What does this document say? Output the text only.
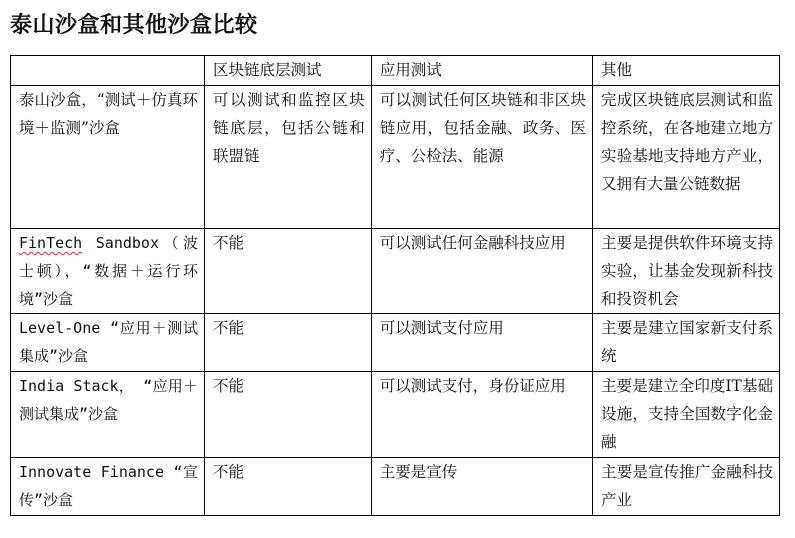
泰山沙盒和其他沙盒比较
	区块链底层测试	应用测试	其他
泰山沙盒，“测试＋仿真环境＋监测”沙盒	可以测试和监控区块链底层，包括公链和联盟链	可以测试任何区块链和非区块链应用，包括金融、政务、医疗、公检法、能源	完成区块链底层测试和监控系统，在各地建立地方实验基地支持地方产业，又拥有大量公链数据
FinTech Sandbox（波士顿），“数据＋运行环境”沙盒	不能	可以测试任何金融科技应用	主要是提供软件环境支持实验，让基金发现新科技和投资机会
Level-One “应用＋测试集成”沙盒	不能	可以测试支付应用	主要是建立国家新支付系统
India Stack， “应用＋测试集成”沙盒	不能	可以测试支付，身份证应用	主要是建立全印度IT基础设施，支持全国数字化金融
Innovate Finance “宣传”沙盒	不能	主要是宣传	主要是宣传推广金融科技产业
